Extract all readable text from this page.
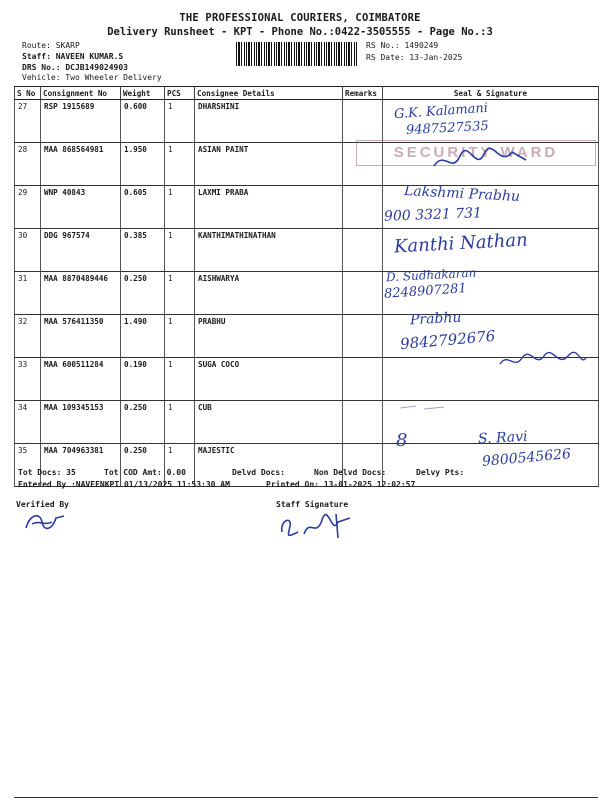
THE PROFESSIONAL COURIERS, COIMBATORE
Delivery Runsheet - KPT - Phone No.:0422-3505555 - Page No.:3
Route: SKARP
Staff: NAVEEN KUMAR.S
DRS No.: DCJB149024903
Vehicle: Two Wheeler Delivery
RS No.: 1490249
RS Date: 13-Jan-2025
S No	Consignment No	Weight	PCS	Consignee Details	Remarks	Seal & Signature
27	RSP 1915689	0.600	1	DHARSHINI		
28	MAA 868564981	1.950	1	ASIAN PAINT		
29	WNP 40843	0.605	1	LAXMI PRABA		
30	DDG 967574	0.385	1	KANTHIMATHINATHAN		
31	MAA 8870489446	0.250	1	AISHWARYA		
32	MAA 576411350	1.490	1	PRABHU		
33	MAA 600511284	0.190	1	SUGA COCO		
34	MAA 109345153	0.250	1	CUB		
35	MAA 704963381	0.250	1	MAJESTIC		
G.K. Kalamani
9487527535
SECURITY WARD
Lakshmi Prabhu
900 3321 731
Kanthi Nathan
D. Sudhakaran
8248907281
Prabhu
9842792676
8	S. Ravi
9800545626
Tot Docs: 35	Tot COD Amt: 0.00	Delvd Docs:	Non Delvd Docs:	Delvy Pts:
Entered By :NAVEENKPT 01/13/2025 11:53:30 AM	Printed On: 13-01-2025 12:02:57
Verified By	Staff Signature
